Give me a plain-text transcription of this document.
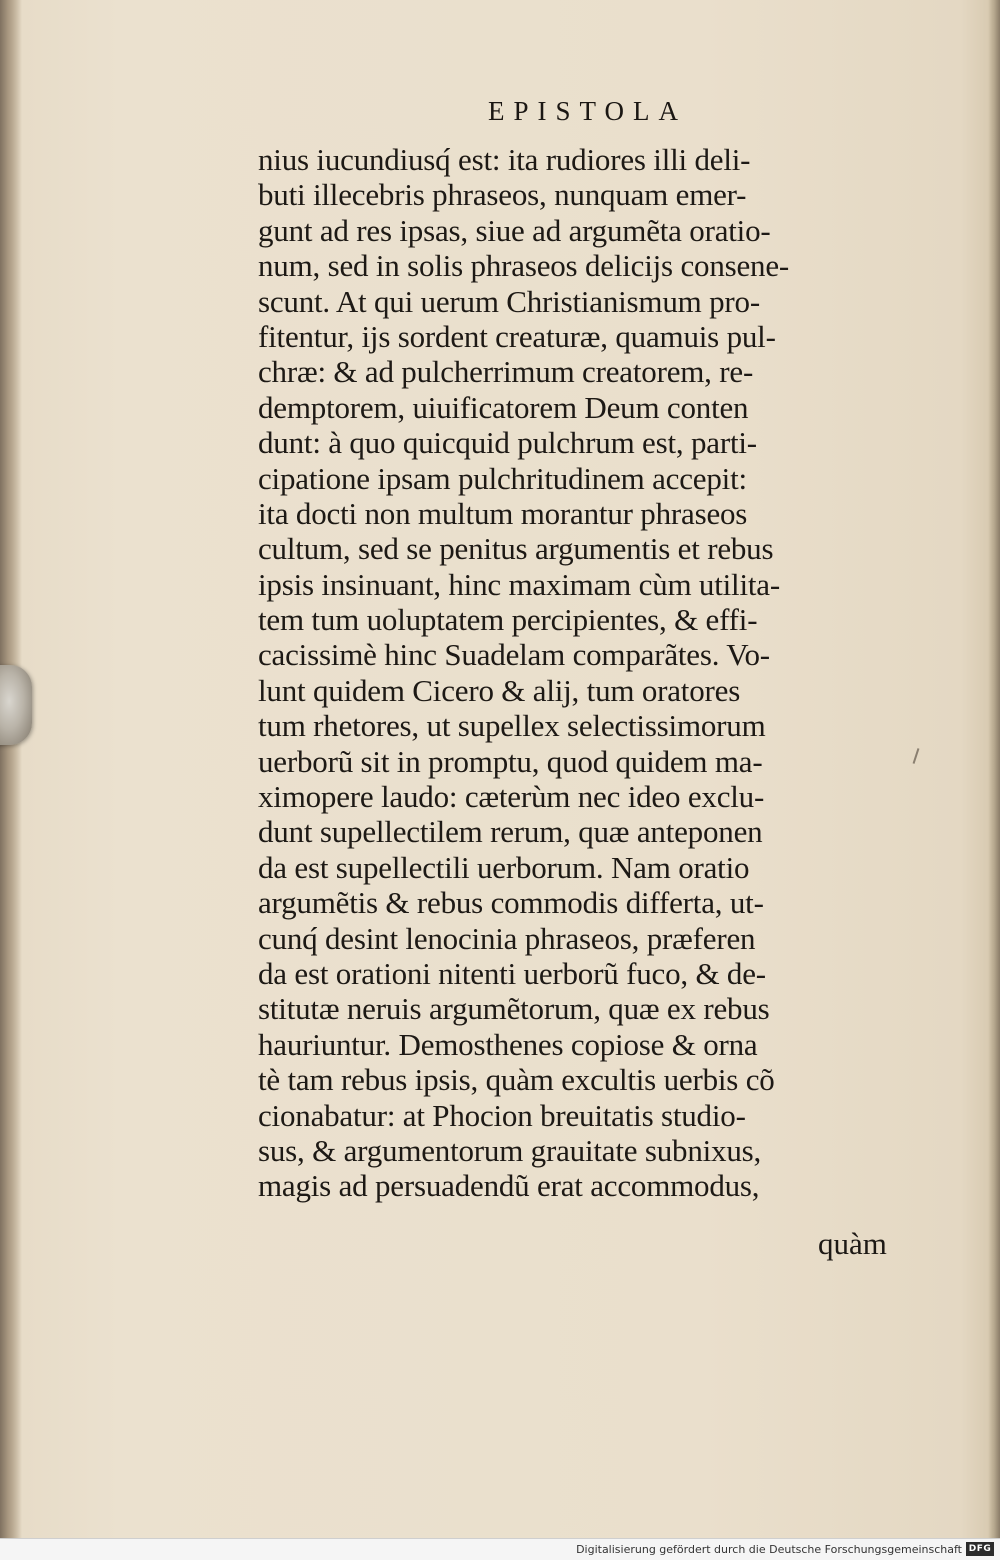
EPISTOLA
nius iucundiusq́ est: ita rudiores illi deli-
buti illecebris phraseos, nunquam emer-
gunt ad res ipsas, siue ad argumẽta oratio-
num, sed in solis phraseos delicijs consene-
scunt. At qui uerum Christianismum pro-
fitentur, ijs sordent creaturæ, quamuis pul-
chræ: & ad pulcherrimum creatorem, re-
demptorem, uiuificatorem Deum conten
dunt: à quo quicquid pulchrum est, parti-
cipatione ipsam pulchritudinem accepit:
ita docti non multum morantur phraseos
cultum, sed se penitus argumentis et rebus
ipsis insinuant, hinc maximam cùm utilita-
tem tum uoluptatem percipientes, & effi-
cacissimè hinc Suadelam comparãtes. Vo-
lunt quidem Cicero & alij, tum oratores
tum rhetores, ut supellex selectissimorum
uerborũ sit in promptu, quod quidem ma-
ximopere laudo: cæterùm nec ideo exclu-
dunt supellectilem rerum, quæ anteponen
da est supellectili uerborum. Nam oratio
argumẽtis & rebus commodis differta, ut-
cunq́ desint lenocinia phraseos, præferen
da est orationi nitenti uerborũ fuco, & de-
stitutæ neruis argumẽtorum, quæ ex rebus
hauriuntur. Demosthenes copiose & orna
tè tam rebus ipsis, quàm excultis uerbis cõ
cionabatur: at Phocion breuitatis studio-
sus, & argumentorum grauitate subnixus,
magis ad persuadendũ erat accommodus,
quàm
Digitalisierung gefördert durch die Deutsche Forschungsgemeinschaft DFG
